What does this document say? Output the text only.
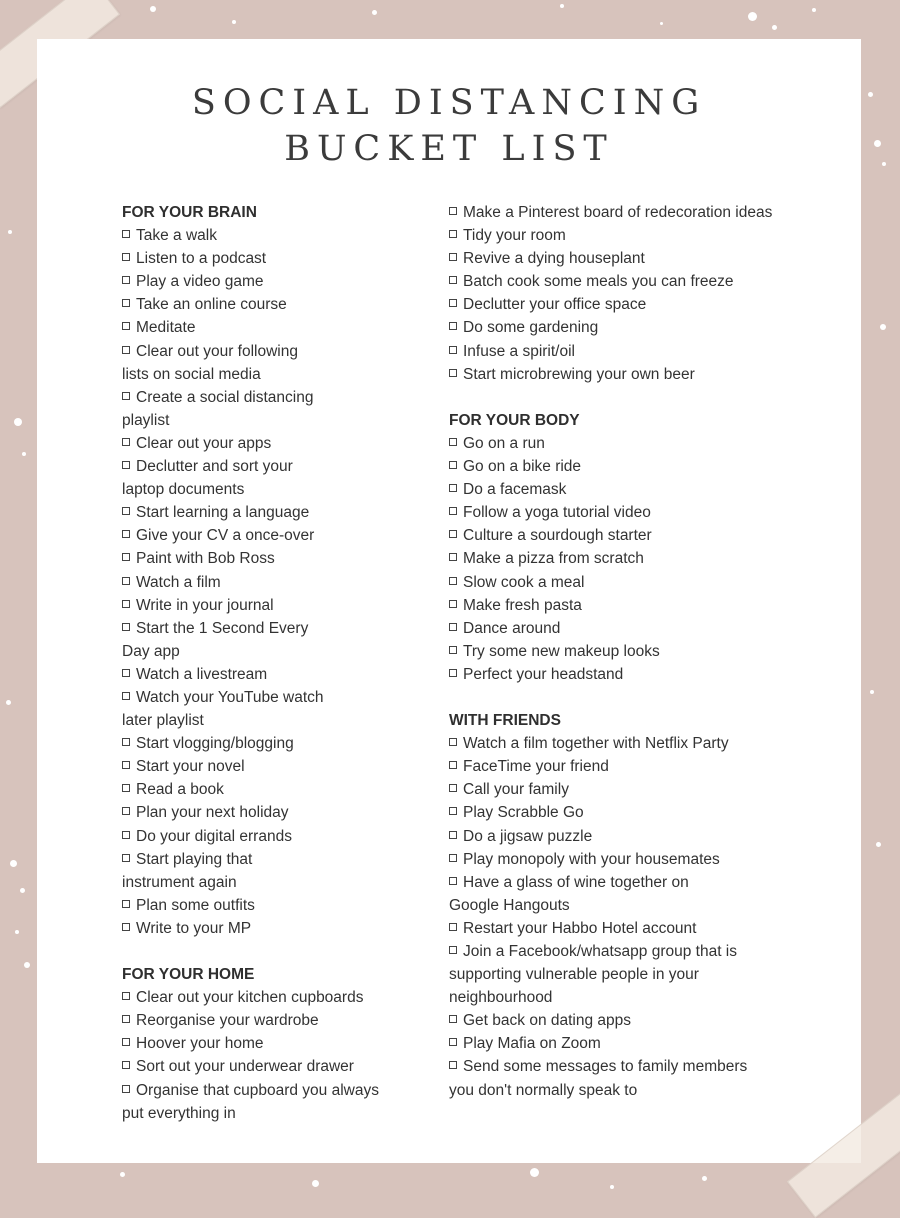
SOCIAL DISTANCING
BUCKET LIST
FOR YOUR BRAIN
Take a walk
Listen to a podcast
Play a video game
Take an online course
Meditate
Clear out your following
lists on social media
Create a social distancing
playlist
Clear out your apps
Declutter and sort your
laptop documents
Start learning a language
Give your CV a once-over
Paint with Bob Ross
Watch a film
Write in your journal
Start the 1 Second Every
Day app
Watch a livestream
Watch your YouTube watch
later playlist
Start vlogging/blogging
Start your novel
Read a book
Plan your next holiday
Do your digital errands
Start playing that
instrument again
Plan some outfits
Write to your MP
FOR YOUR HOME
Clear out your kitchen cupboards
Reorganise your wardrobe
Hoover your home
Sort out your underwear drawer
Organise that cupboard you always
put everything in
Make a Pinterest board of redecoration ideas
Tidy your room
Revive a dying houseplant
Batch cook some meals you can freeze
Declutter your office space
Do some gardening
Infuse a spirit/oil
Start microbrewing your own beer
FOR YOUR BODY
Go on a run
Go on a bike ride
Do a facemask
Follow a yoga tutorial video
Culture a sourdough starter
Make a pizza from scratch
Slow cook a meal
Make fresh pasta
Dance around
Try some new makeup looks
Perfect your headstand
WITH FRIENDS
Watch a film together with Netflix Party
FaceTime your friend
Call your family
Play Scrabble Go
Do a jigsaw puzzle
Play monopoly with your housemates
Have a glass of wine together on
Google Hangouts
Restart your Habbo Hotel account
Join a Facebook/whatsapp group that is
supporting vulnerable people in your
neighbourhood
Get back on dating apps
Play Mafia on Zoom
Send some messages to family members
you don't normally speak to
